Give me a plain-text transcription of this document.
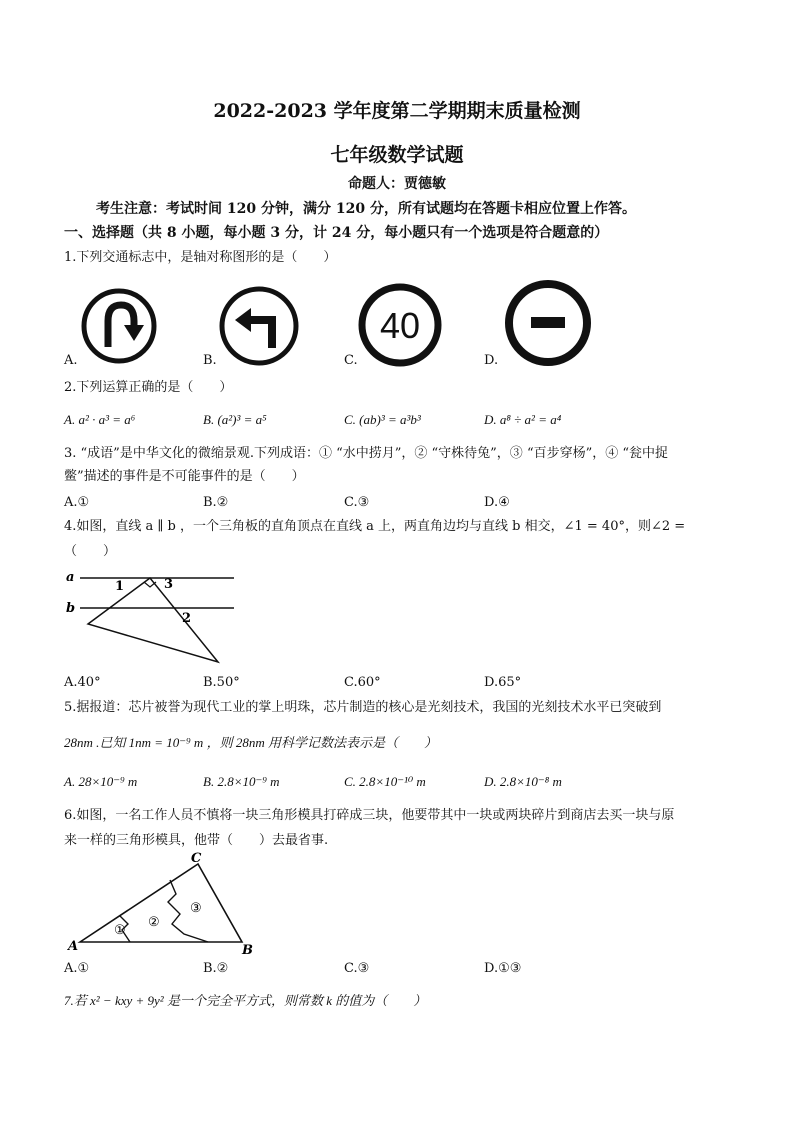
2022-2023 学年度第二学期期末质量检测
七年级数学试题
命题人：贾德敏
考生注意：考试时间 120 分钟，满分 120 分，所有试题均在答题卡相应位置上作答。
一、选择题（共 8 小题，每小题 3 分，计 24 分，每小题只有一个选项是符合题意的）
1.下列交通标志中，是轴对称图形的是（　　）
40
A.	B.	C.	D.
2.下列运算正确的是（　　）
A. a² · a³ = a⁶	B. (a²)³ = a⁵	C. (ab)³ = a³b³	D. a⁸ ÷ a² = a⁴
3. “成语”是中华文化的微缩景观.下列成语：① “水中捞月”，② “守株待兔”，③ “百步穿杨”，④ “瓮中捉
鳖”描述的事件是不可能事件的是（　　）
A.①	B.②	C.③	D.④
4.如图，直线 a ∥ b ，一个三角板的直角顶点在直线 a 上，两直角边均与直线 b 相交，∠1 = 40°，则∠2 =
（　　）
a
b
1	3
2
A.40°	B.50°	C.60°	D.65°
5.据报道：芯片被誉为现代工业的掌上明珠，芯片制造的核心是光刻技术，我国的光刻技术水平已突破到
28nm .已知 1nm = 10⁻⁹ m ，则 28nm 用科学记数法表示是（　　）
A. 28×10⁻⁹ m	B. 2.8×10⁻⁹ m	C. 2.8×10⁻¹⁰ m	D. 2.8×10⁻⁸ m
6.如图，一名工作人员不慎将一块三角形模具打碎成三块，他要带其中一块或两块碎片到商店去买一块与原
来一样的三角形模具，他带（　　）去最省事.
A
C
B
①
②
③
A.①	B.②	C.③	D.①③
7.若 x² − kxy + 9y² 是一个完全平方式，则常数 k 的值为（　　）
